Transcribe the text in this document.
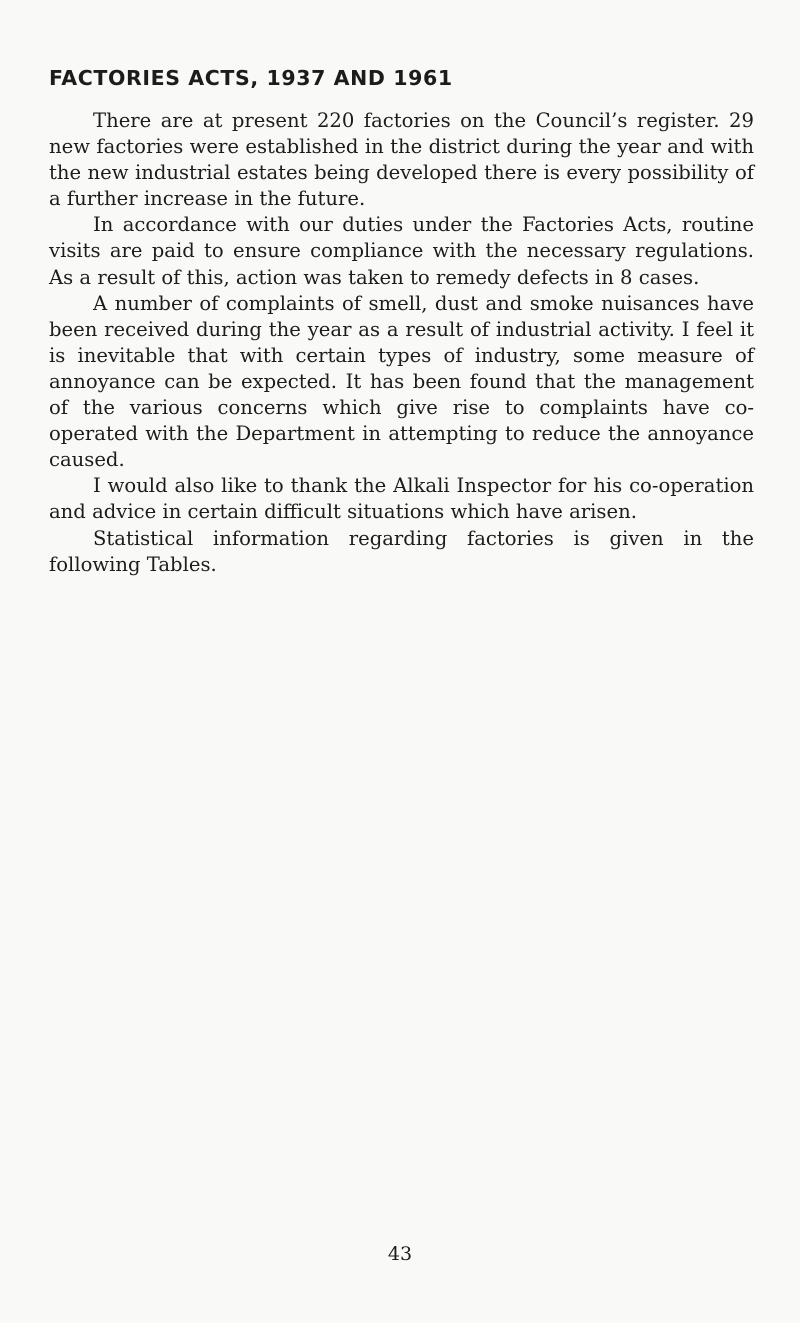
FACTORIES ACTS, 1937 AND 1961

There are at present 220 factories on the Council’s register. 29 new factories were established in the district during the year and with the new industrial estates being developed there is every possibility of a further increase in the future.

In accordance with our duties under the Factories Acts, routine visits are paid to ensure compliance with the necessary regulations. As a result of this, action was taken to remedy defects in 8 cases.

A number of complaints of smell, dust and smoke nuisances have been received during the year as a result of industrial activity. I feel it is inevitable that with certain types of industry, some measure of annoyance can be expected. It has been found that the management of the various concerns which give rise to complaints have co-operated with the Department in attempting to reduce the annoyance caused.

I would also like to thank the Alkali Inspector for his co-operation and advice in certain difficult situations which have arisen.

Statistical information regarding factories is given in the following Tables.

43
